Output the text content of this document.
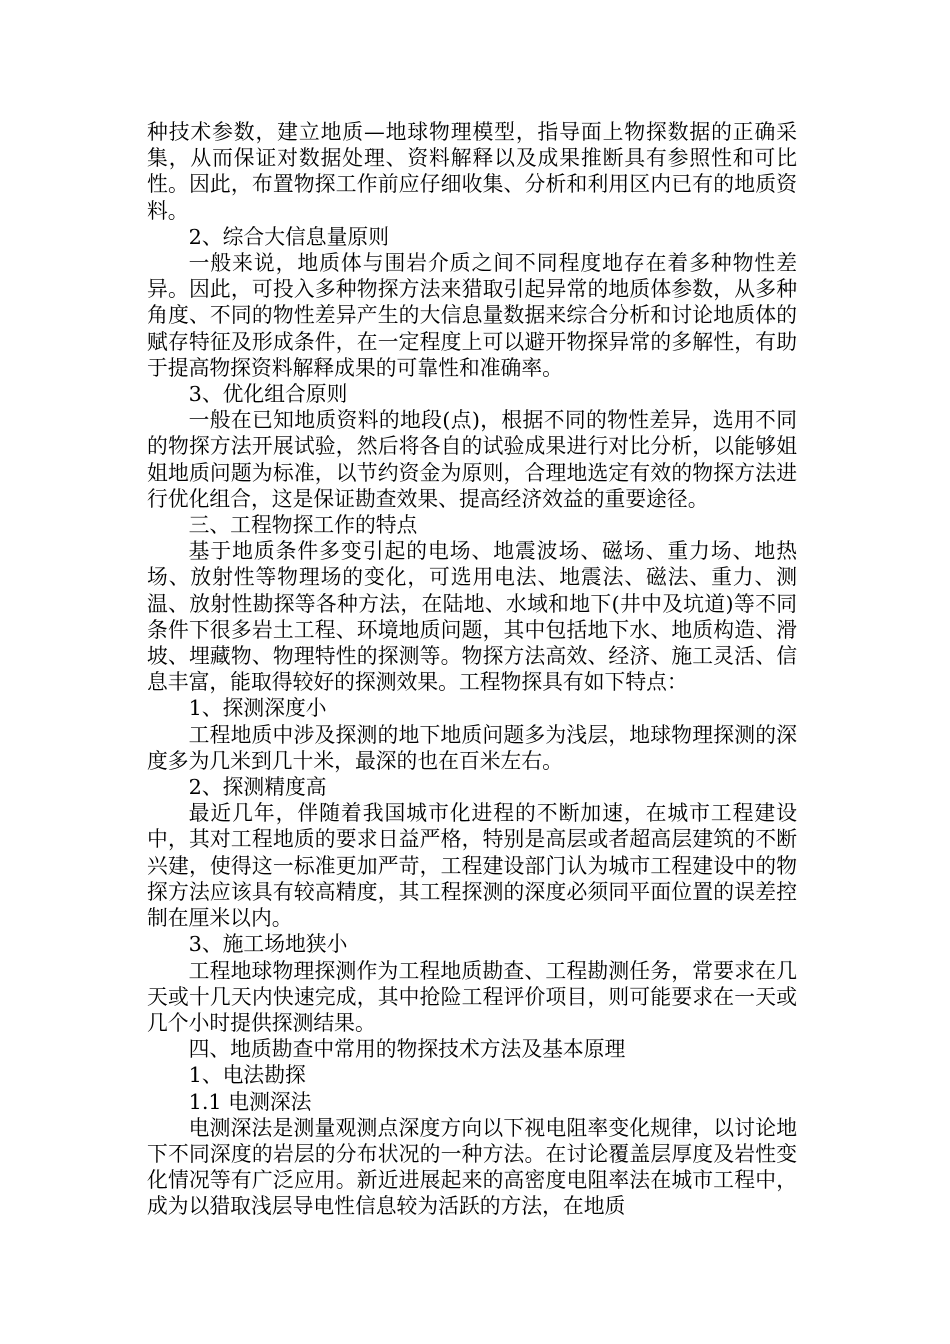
种技术参数，建立地质—地球物理模型，指导面上物探数据的正确采集，从而保证对数据处理、资料解释以及成果推断具有参照性和可比性。因此，布置物探工作前应仔细收集、分析和利用区内已有的地质资料。

2、综合大信息量原则

一般来说，地质体与围岩介质之间不同程度地存在着多种物性差异。因此，可投入多种物探方法来猎取引起异常的地质体参数，从多种角度、不同的物性差异产生的大信息量数据来综合分析和讨论地质体的赋存特征及形成条件，在一定程度上可以避开物探异常的多解性，有助于提高物探资料解释成果的可靠性和准确率。

3、优化组合原则

一般在已知地质资料的地段(点)，根据不同的物性差异，选用不同的物探方法开展试验，然后将各自的试验成果进行对比分析，以能够姐姐地质问题为标准，以节约资金为原则，合理地选定有效的物探方法进行优化组合，这是保证勘查效果、提高经济效益的重要途径。

三、工程物探工作的特点

基于地质条件多变引起的电场、地震波场、磁场、重力场、地热场、放射性等物理场的变化，可选用电法、地震法、磁法、重力、测温、放射性勘探等各种方法，在陆地、水域和地下(井中及坑道)等不同条件下很多岩土工程、环境地质问题，其中包括地下水、地质构造、滑坡、埋藏物、物理特性的探测等。物探方法高效、经济、施工灵活、信息丰富，能取得较好的探测效果。工程物探具有如下特点：

1、探测深度小

工程地质中涉及探测的地下地质问题多为浅层，地球物理探测的深度多为几米到几十米，最深的也在百米左右。

2、探测精度高

最近几年，伴随着我国城市化进程的不断加速，在城市工程建设中，其对工程地质的要求日益严格，特别是高层或者超高层建筑的不断兴建，使得这一标准更加严苛，工程建设部门认为城市工程建设中的物探方法应该具有较高精度，其工程探测的深度必须同平面位置的误差控制在厘米以内。

3、施工场地狭小

工程地球物理探测作为工程地质勘查、工程勘测任务，常要求在几天或十几天内快速完成，其中抢险工程评价项目，则可能要求在一天或几个小时提供探测结果。

四、地质勘查中常用的物探技术方法及基本原理

1、电法勘探

1.1 电测深法

电测深法是测量观测点深度方向以下视电阻率变化规律，以讨论地下不同深度的岩层的分布状况的一种方法。在讨论覆盖层厚度及岩性变化情况等有广泛应用。新近进展起来的高密度电阻率法在城市工程中，成为以猎取浅层导电性信息较为活跃的方法，在地质
